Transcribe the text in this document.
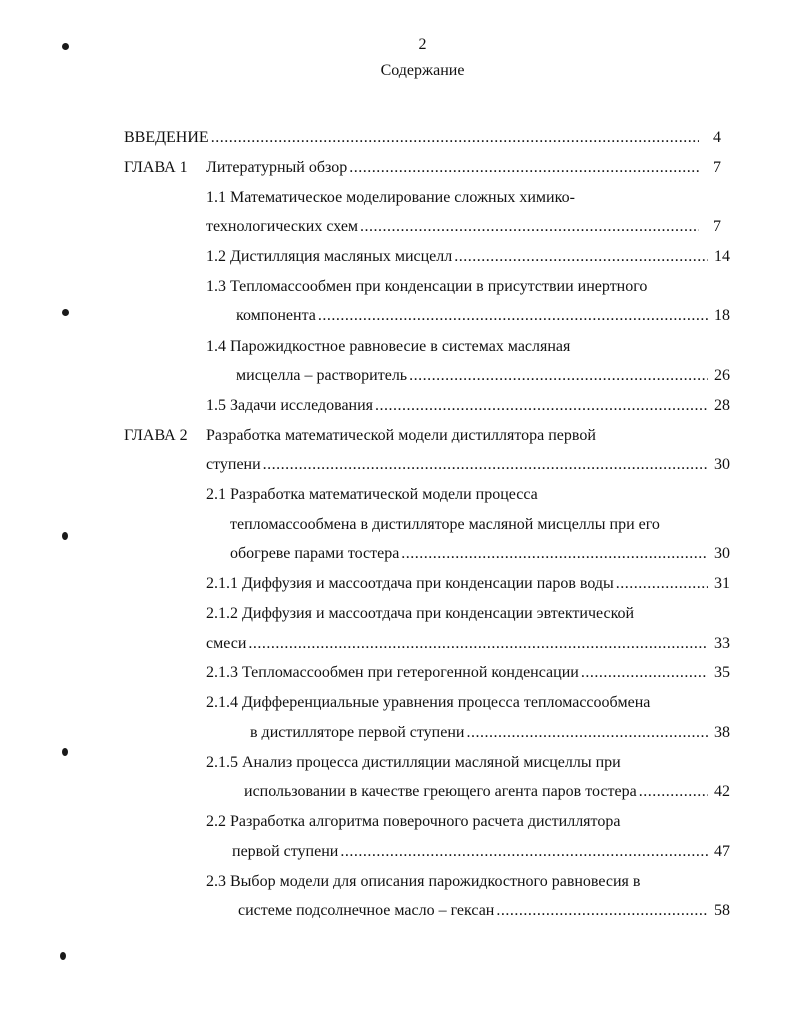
2
Содержание
ВВЕДЕНИЕ .....	4
ГЛАВА 1 Литературный обзор .....	7
1.1 Математическое моделирование сложных химико-
технологических схем .....	7
1.2 Дистилляция масляных мисцелл .....	14
1.3 Тепломассообмен при конденсации в присутствии инертного
компонента .....	18
1.4 Парожидкостное равновесие в системах масляная
мисцелла – растворитель .....	26
1.5 Задачи исследования .....	28
ГЛАВА 2 Разработка математической модели дистиллятора первой
ступени .....	30
2.1 Разработка математической модели процесса
тепломассообмена в дистилляторе масляной мисцеллы при его
обогреве парами тостера .....	30
2.1.1 Диффузия и массоотдача при конденсации паров воды .....	31
2.1.2 Диффузия и массоотдача при конденсации эвтектической
смеси .....	33
2.1.3 Тепломассообмен при гетерогенной конденсации .....	35
2.1.4 Дифференциальные уравнения процесса тепломассообмена
в дистилляторе первой ступени .....	38
2.1.5 Анализ процесса дистилляции масляной мисцеллы при
использовании в качестве греющего агента паров тостера .....	42
2.2 Разработка алгоритма поверочного расчета дистиллятора
первой ступени .....	47
2.3 Выбор модели для описания парожидкостного равновесия в
системе подсолнечное масло – гексан .....	58
